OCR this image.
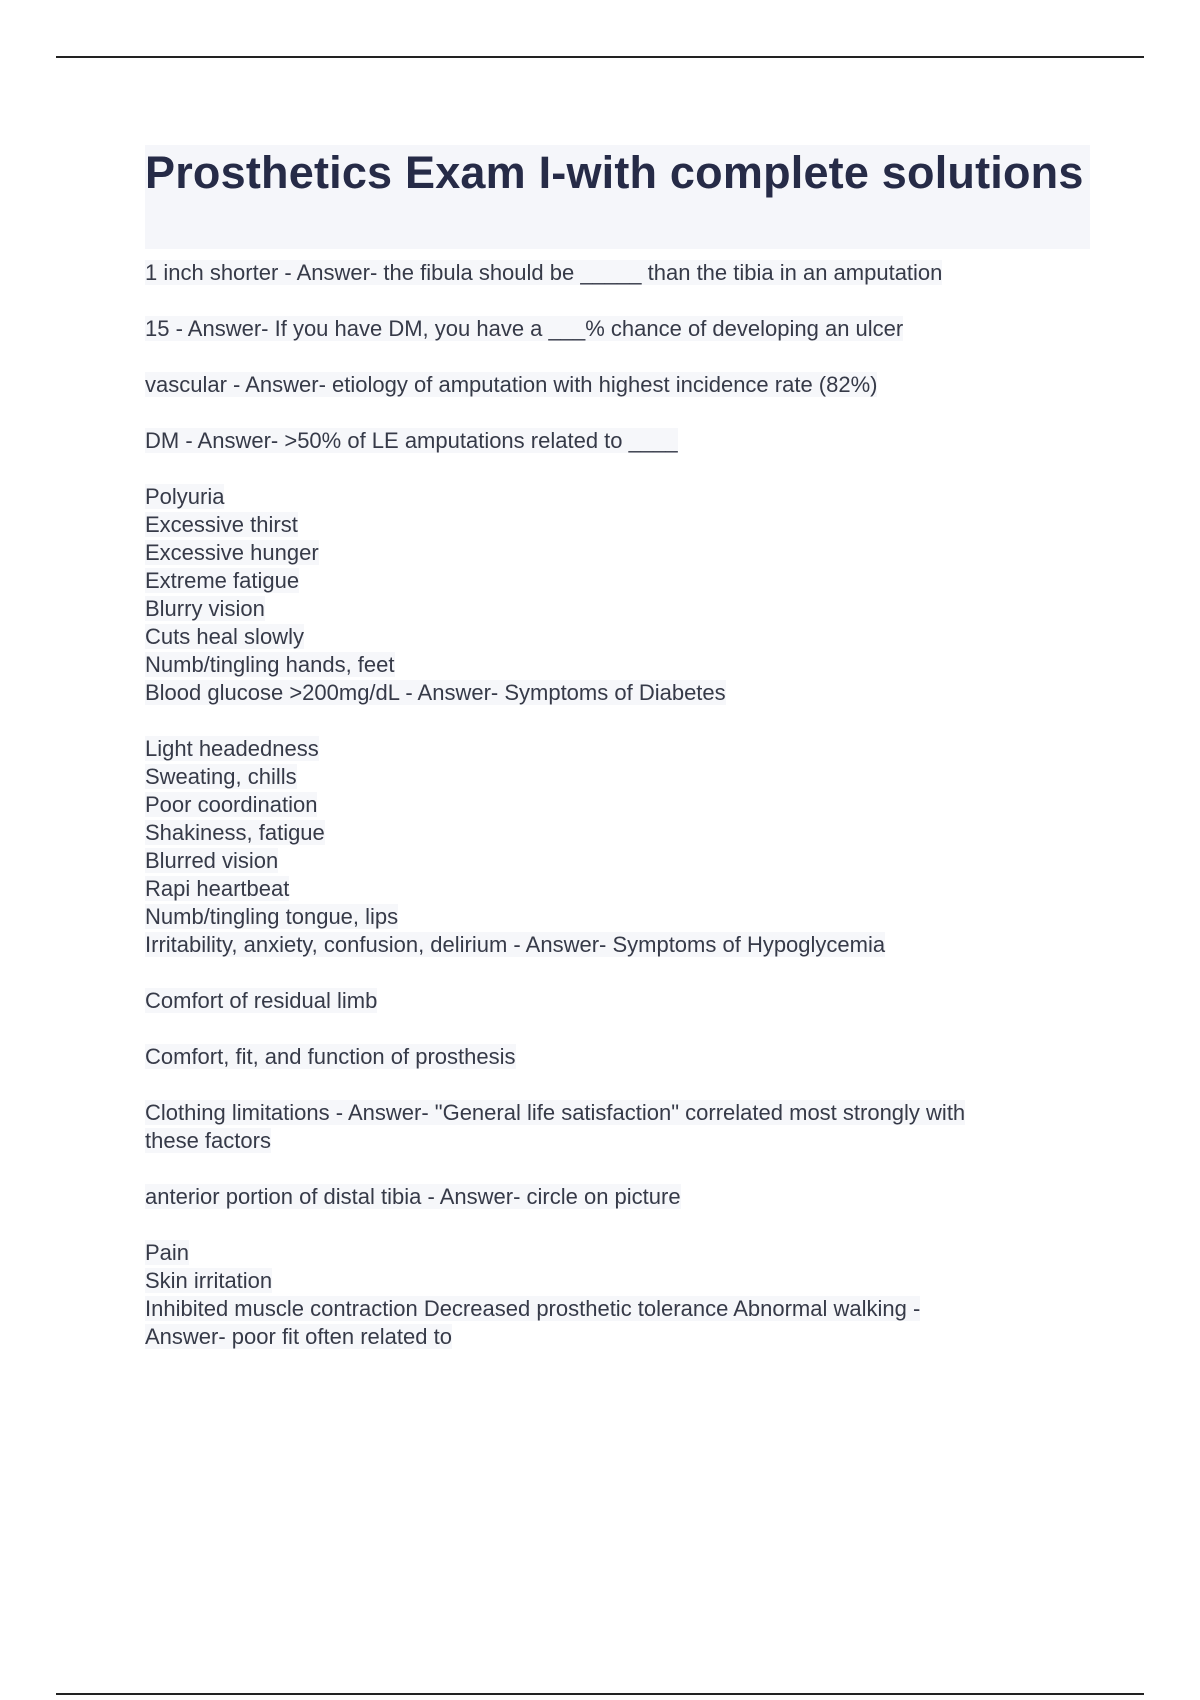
Prosthetics Exam I-with complete solutions

1 inch shorter - Answer- the fibula should be _____ than the tibia in an amputation

15 - Answer- If you have DM, you have a ___% chance of developing an ulcer

vascular - Answer- etiology of amputation with highest incidence rate (82%)

DM - Answer- >50% of LE amputations related to ____

Polyuria
Excessive thirst
Excessive hunger
Extreme fatigue
Blurry vision
Cuts heal slowly
Numb/tingling hands, feet
Blood glucose >200mg/dL - Answer- Symptoms of Diabetes

Light headedness
Sweating, chills
Poor coordination
Shakiness, fatigue
Blurred vision
Rapi heartbeat
Numb/tingling tongue, lips
Irritability, anxiety, confusion, delirium - Answer- Symptoms of Hypoglycemia

Comfort of residual limb

Comfort, fit, and function of prosthesis

Clothing limitations - Answer- "General life satisfaction" correlated most strongly with
these factors

anterior portion of distal tibia - Answer- circle on picture

Pain
Skin irritation
Inhibited muscle contraction Decreased prosthetic tolerance Abnormal walking -
Answer- poor fit often related to
